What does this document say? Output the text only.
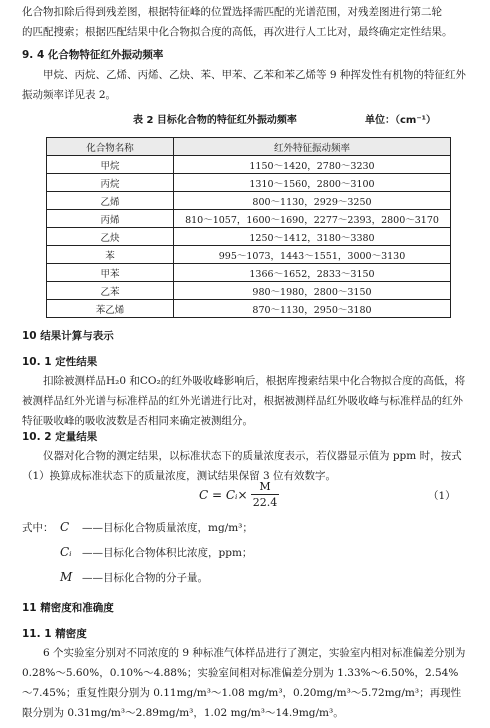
化合物扣除后得到残差图，根据特征峰的位置选择需匹配的光谱范围，对残差图进行第二轮

的匹配搜索；根据匹配结果中化合物拟合度的高低，再次进行人工比对，最终确定定性结果。

9. 4 化合物特征红外振动频率

甲烷、丙烷、乙烯、丙烯、乙炔、苯、甲苯、乙苯和苯乙烯等 9 种挥发性有机物的特征红外振动频率详见表 2。

表 2 目标化合物的特征红外振动频率	单位：（cm⁻¹）
化合物名称	红外特征振动频率
甲烷	1150～1420，2780～3230
丙烷	1310～1560，2800～3100
乙烯	800～1130，2929～3250
丙烯	810～1057，1600～1690，2277～2393，2800～3170
乙炔	1250～1412，3180～3380
苯	995～1073，1443～1551，3000～3130
甲苯	1366～1652，2833～3150
乙苯	980～1980，2800～3150
苯乙烯	870～1130，2950～3180

10 结果计算与表示

10. 1 定性结果

扣除被测样品H₂0 和CO₂的红外吸收峰影响后，根据库搜索结果中化合物拟合度的高低，将被测样品红外光谱与标准样品的红外光谱进行比对，根据被测样品红外吸收峰与标准样品的红外特征吸收峰的吸收波数是否相同来确定被测组分。

10. 2 定量结果

仪器对化合物的测定结果，以标准状态下的质量浓度表示，若仪器显示值为 ppm 时，按式（1）换算成标准状态下的质量浓度，测试结果保留 3 位有效数字。

C = Cᵢ× $\frac{M}{22.4}$	（1）
式中： C ——目标化合物质量浓度，mg/m³；
Cᵢ ——目标化合物体积比浓度，ppm；
M ——目标化合物的分子量。

11 精密度和准确度

11. 1 精密度

6 个实验室分别对不同浓度的 9 种标准气体样品进行了测定，实验室内相对标准偏差分别为 0.28%～5.60%，0.10%～4.88%；实验室间相对标准偏差分别为 1.33%～6.50%，2.54%～7.45%；重复性限分别为 0.11mg/m³～1.08 mg/m³，0.20mg/m³～5.72mg/m³；再现性限分别为 0.31mg/m³～2.89mg/m³，1.02 mg/m³～14.9mg/m³。
